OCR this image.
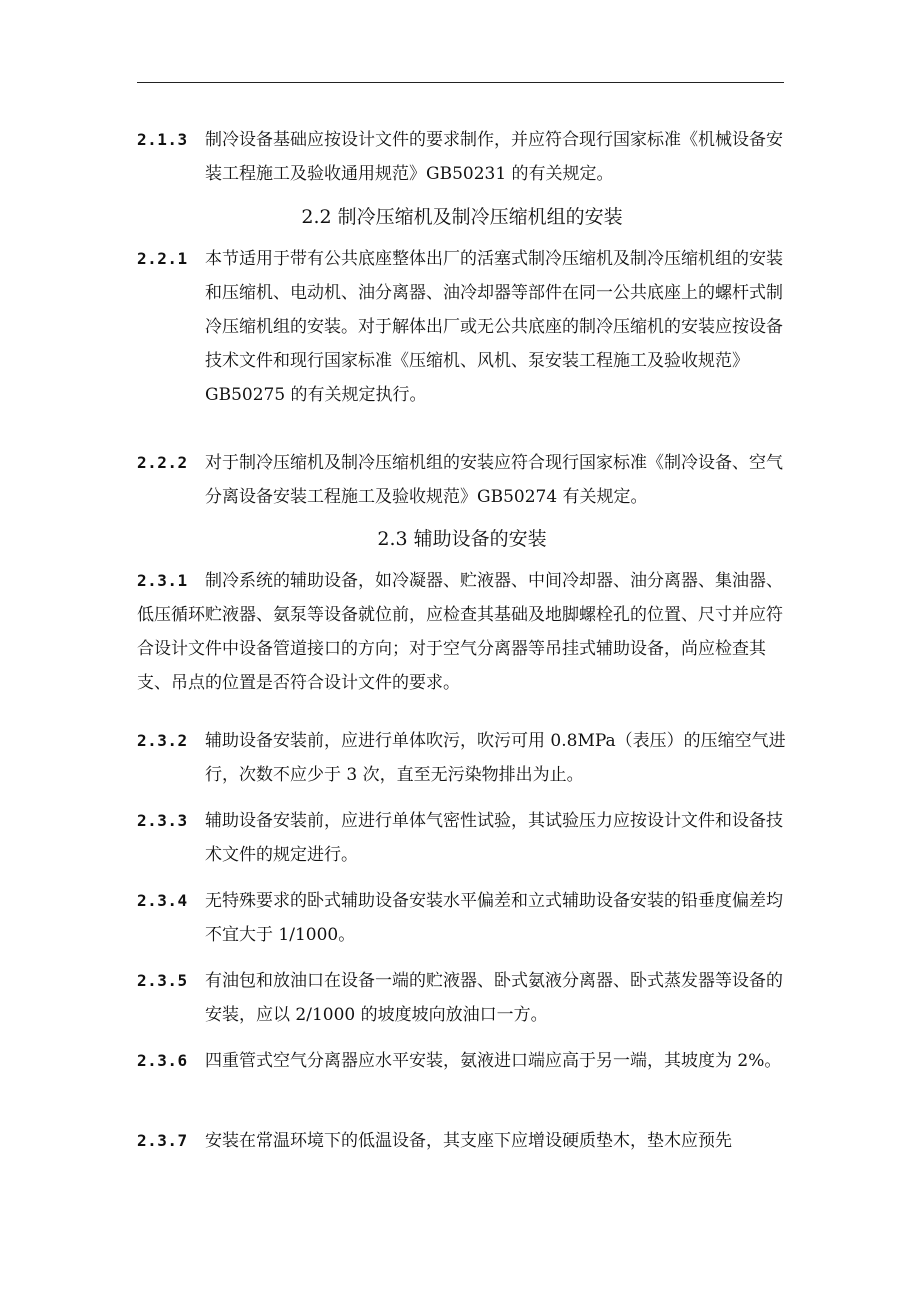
2.1.3 制冷设备基础应按设计文件的要求制作，并应符合现行国家标准《机械设备安装工程施工及验收通用规范》GB50231 的有关规定。
2.2 制冷压缩机及制冷压缩机组的安装
2.2.1 本节适用于带有公共底座整体出厂的活塞式制冷压缩机及制冷压缩机组的安装和压缩机、电动机、油分离器、油冷却器等部件在同一公共底座上的螺杆式制冷压缩机组的安装。对于解体出厂或无公共底座的制冷压缩机的安装应按设备技术文件和现行国家标准《压缩机、风机、泵安装工程施工及验收规范》GB50275 的有关规定执行。
2.2.2 对于制冷压缩机及制冷压缩机组的安装应符合现行国家标准《制冷设备、空气分离设备安装工程施工及验收规范》GB50274 有关规定。
2.3 辅助设备的安装
2.3.1	制冷系统的辅助设备，如冷凝器、贮液器、中间冷却器、油分离器、集油器、低压循环贮液器、氨泵等设备就位前，应检查其基础及地脚螺栓孔的位置、尺寸并应符合设计文件中设备管道接口的方向；对于空气分离器等吊挂式辅助设备，尚应检查其支、吊点的位置是否符合设计文件的要求。
2.3.2 辅助设备安装前，应进行单体吹污，吹污可用 0.8MPa（表压）的压缩空气进行，次数不应少于 3 次，直至无污染物排出为止。
2.3.3 辅助设备安装前，应进行单体气密性试验，其试验压力应按设计文件和设备技术文件的规定进行。
2.3.4 无特殊要求的卧式辅助设备安装水平偏差和立式辅助设备安装的铅垂度偏差均不宜大于 1/1000。
2.3.5 有油包和放油口在设备一端的贮液器、卧式氨液分离器、卧式蒸发器等设备的安装，应以 2/1000 的坡度坡向放油口一方。
2.3.6 四重管式空气分离器应水平安装，氨液进口端应高于另一端，其坡度为 2%。
2.3.7 安装在常温环境下的低温设备，其支座下应增设硬质垫木，垫木应预先
